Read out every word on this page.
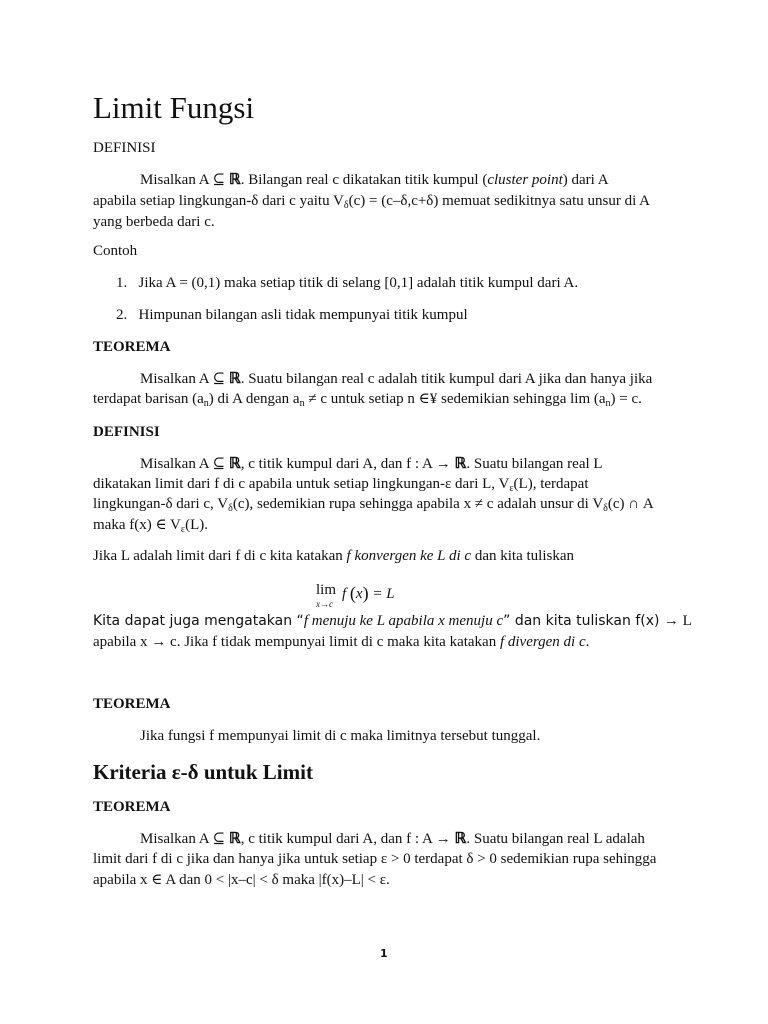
Limit Fungsi
DEFINISI
Misalkan A ⊆ ℝ. Bilangan real c dikatakan titik kumpul (cluster point) dari A
apabila setiap lingkungan-δ dari c yaitu $V_\delta(c) = (c-\delta,c+\delta)$ memuat sedikitnya satu unsur di A
yang berbeda dari c.
Contoh
1. Jika A = (0,1) maka setiap titik di selang [0,1] adalah titik kumpul dari A.
2. Himpunan bilangan asli tidak mempunyai titik kumpul
TEOREMA
Misalkan A ⊆ ℝ. Suatu bilangan real c adalah titik kumpul dari A jika dan hanya jika
terdapat barisan $(a_n)$ di A dengan $a_n \ne c$ untuk setiap n ∈¥ sedemikian sehingga $\lim (a_n) = c$.
DEFINISI
Misalkan A ⊆ ℝ, c titik kumpul dari A, dan f : A → ℝ. Suatu bilangan real L
dikatakan limit dari f di c apabila untuk setiap lingkungan-ε dari L, $V_\varepsilon(L)$, terdapat
lingkungan-δ dari c, $V_\delta(c)$, sedemikian rupa sehingga apabila x ≠ c adalah unsur di $V_\delta(c)$ ∩ A
maka f(x) ∈ $V_\varepsilon(L)$.
Jika L adalah limit dari f di c kita katakan f konvergen ke L di c dan kita tuliskan
lim
x→c
f (x) = L
Kita dapat juga mengatakan “f menuju ke L apabila x menuju c” dan kita tuliskan f(x) → L
apabila x → c. Jika f tidak mempunyai limit di c maka kita katakan f divergen di c.
TEOREMA
Jika fungsi f mempunyai limit di c maka limitnya tersebut tunggal.
Kriteria ε-δ untuk Limit
TEOREMA
Misalkan A ⊆ ℝ, c titik kumpul dari A, dan f : A → ℝ. Suatu bilangan real L adalah
limit dari f di c jika dan hanya jika untuk setiap ε > 0 terdapat δ > 0 sedemikian rupa sehingga
apabila x ∈ A dan 0 < |x–c| < δ maka |f(x)–L| < ε.
1
